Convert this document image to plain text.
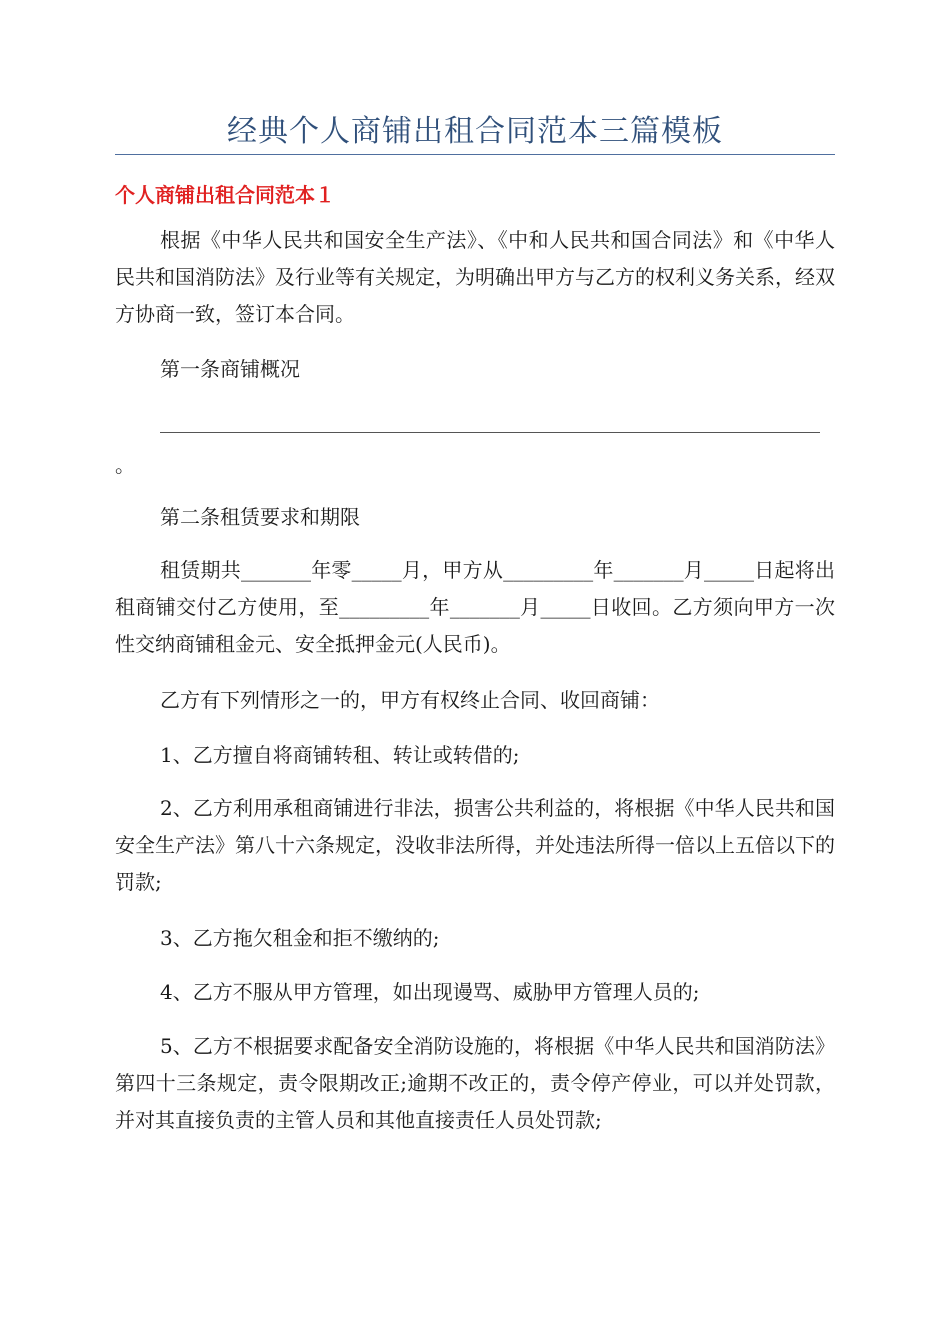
经典个人商铺出租合同范本三篇模板
个人商铺出租合同范本１

根据《中华人民共和国安全生产法》、《中和人民共和国合同法》和《中华人民共和国消防法》及行业等有关规定，为明确出甲方与乙方的权利义务关系，经双方协商一致，签订本合同。

第一条商铺概况

。

第二条租赁要求和期限

租赁期共_______年零_____月，甲方从_________年_______月_____日起将出租商铺交付乙方使用，至_________年_______月_____日收回。乙方须向甲方一次性交纳商铺租金元、安全抵押金元(人民币)。

乙方有下列情形之一的，甲方有权终止合同、收回商铺：

1、乙方擅自将商铺转租、转让或转借的;

2、乙方利用承租商铺进行非法，损害公共利益的，将根据《中华人民共和国安全生产法》第八十六条规定，没收非法所得，并处违法所得一倍以上五倍以下的罚款;

3、乙方拖欠租金和拒不缴纳的;

4、乙方不服从甲方管理，如出现谩骂、威胁甲方管理人员的;

5、乙方不根据要求配备安全消防设施的，将根据《中华人民共和国消防法》第四十三条规定，责令限期改正;逾期不改正的，责令停产停业，可以并处罚款，并对其直接负责的主管人员和其他直接责任人员处罚款;
